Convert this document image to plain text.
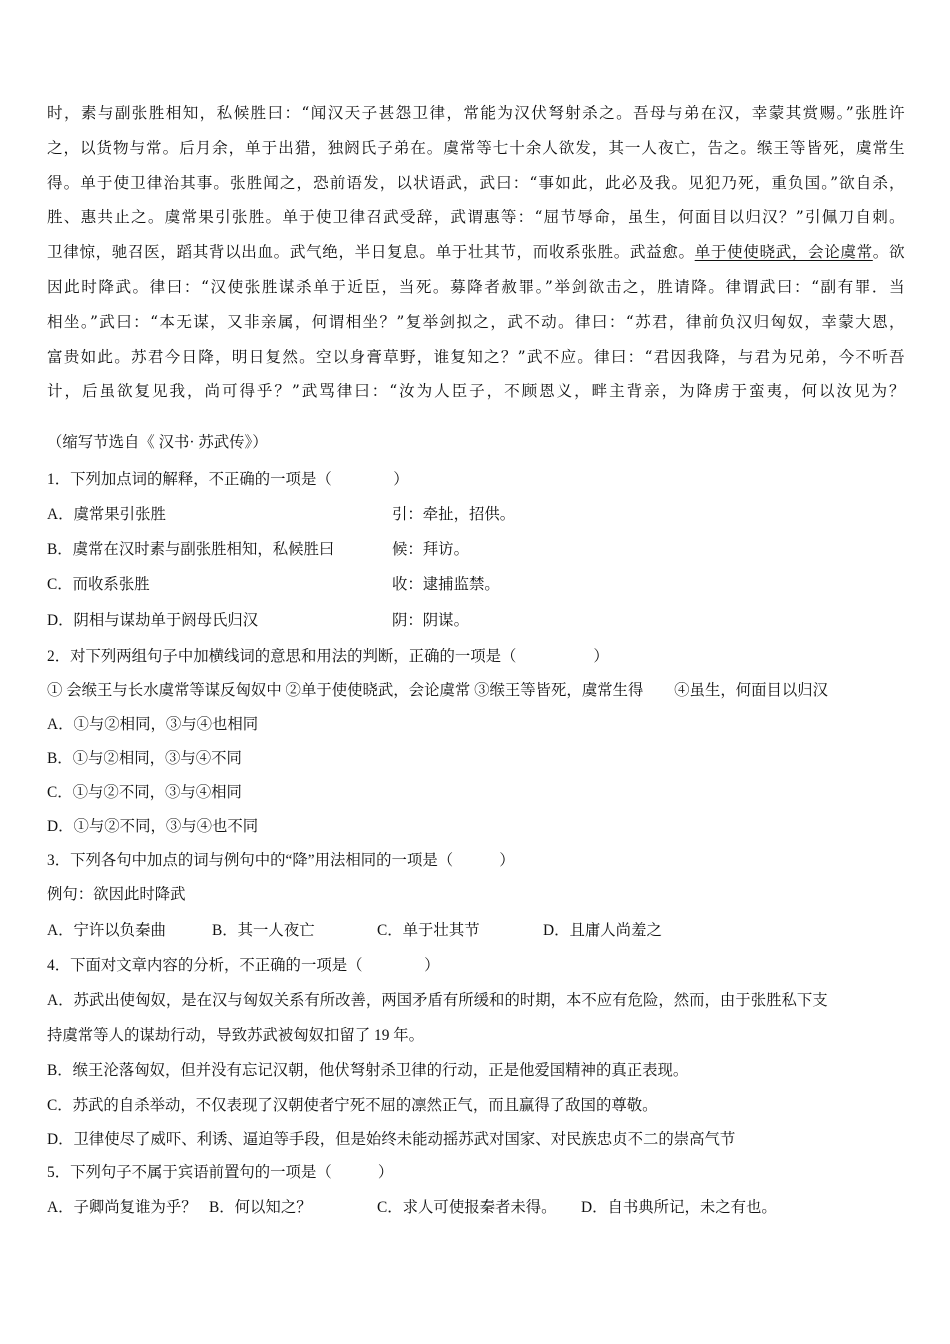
时，素与副张胜相知，私候胜曰：“闻汉天子甚怨卫律，常能为汉伏弩射杀之。吾母与弟在汉，幸蒙其赏赐。”张胜许
之，以货物与常。后月余，单于出猎，独阏氏子弟在。虞常等七十余人欲发，其一人夜亡，告之。缑王等皆死，虞常生
得。单于使卫律治其事。张胜闻之，恐前语发，以状语武，武曰：“事如此，此必及我。见犯乃死，重负国。”欲自杀，
胜、惠共止之。虞常果引张胜。单于使卫律召武受辞，武谓惠等：“屈节辱命，虽生，何面目以归汉？”引佩刀自刺。
卫律惊，驰召医，蹈其背以出血。武气绝，半日复息。单于壮其节，而收系张胜。武益愈。单于使使晓武，会论虞常。欲
因此时降武。律曰：“汉使张胜谋杀单于近臣，当死。募降者赦罪。”举剑欲击之，胜请降。律谓武曰：“副有罪．当
相坐。”武曰：“本无谋，又非亲属，何谓相坐？”复举剑拟之，武不动。律曰：“苏君，律前负汉归匈奴，幸蒙大恩，
富贵如此。苏君今日降，明日复然。空以身膏草野，谁复知之？”武不应。律曰：“君因我降，与君为兄弟，今不听吾
计，后虽欲复见我，尚可得乎？”武骂律曰：“汝为人臣子，不顾恩义，畔主背亲，为降虏于蛮夷，何以汝见为？
（缩写节选自《 汉书· 苏武传》）
1．下列加点词的解释，不正确的一项是（　　　　）
A．虞常果引张胜	引：牵扯，招供。
B．虞常在汉时素与副张胜相知，私候胜曰	候：拜访。
C．而收系张胜	收：逮捕监禁。
D．阴相与谋劫单于阏母氏归汉	阴：阴谋。
2．对下列两组句子中加横线词的意思和用法的判断，正确的一项是（　　　　　）
① 会缑王与长水虞常等谋反匈奴中 ②单于使使晓武，会论虞常 ③缑王等皆死，虞常生得　　④虽生，何面目以归汉
A．①与②相同，③与④也相同
B．①与②相同，③与④不同
C．①与②不同，③与④相同
D．①与②不同，③与④也不同
3．下列各句中加点的词与例句中的“降”用法相同的一项是（　　　）
例句：欲因此时降武
A．宁许以负秦曲	B．其一人夜亡	C．单于壮其节	D．且庸人尚羞之
4．下面对文章内容的分析，不正确的一项是（　　　　）
A．苏武出使匈奴，是在汉与匈奴关系有所改善，两国矛盾有所缓和的时期，本不应有危险，然而，由于张胜私下支
持虞常等人的谋劫行动，导致苏武被匈奴扣留了 19 年。
B．缑王沦落匈奴，但并没有忘记汉朝，他伏弩射杀卫律的行动，正是他爱国精神的真正表现。
C．苏武的自杀举动，不仅表现了汉朝使者宁死不屈的凛然正气，而且赢得了敌国的尊敬。
D．卫律使尽了威吓、利诱、逼迫等手段，但是始终未能动摇苏武对国家、对民族忠贞不二的崇高气节
5．下列句子不属于宾语前置句的一项是（　　　）
A．子卿尚复谁为乎？ B．何以知之？	C．求人可使报秦者未得。 D．自书典所记，未之有也。
